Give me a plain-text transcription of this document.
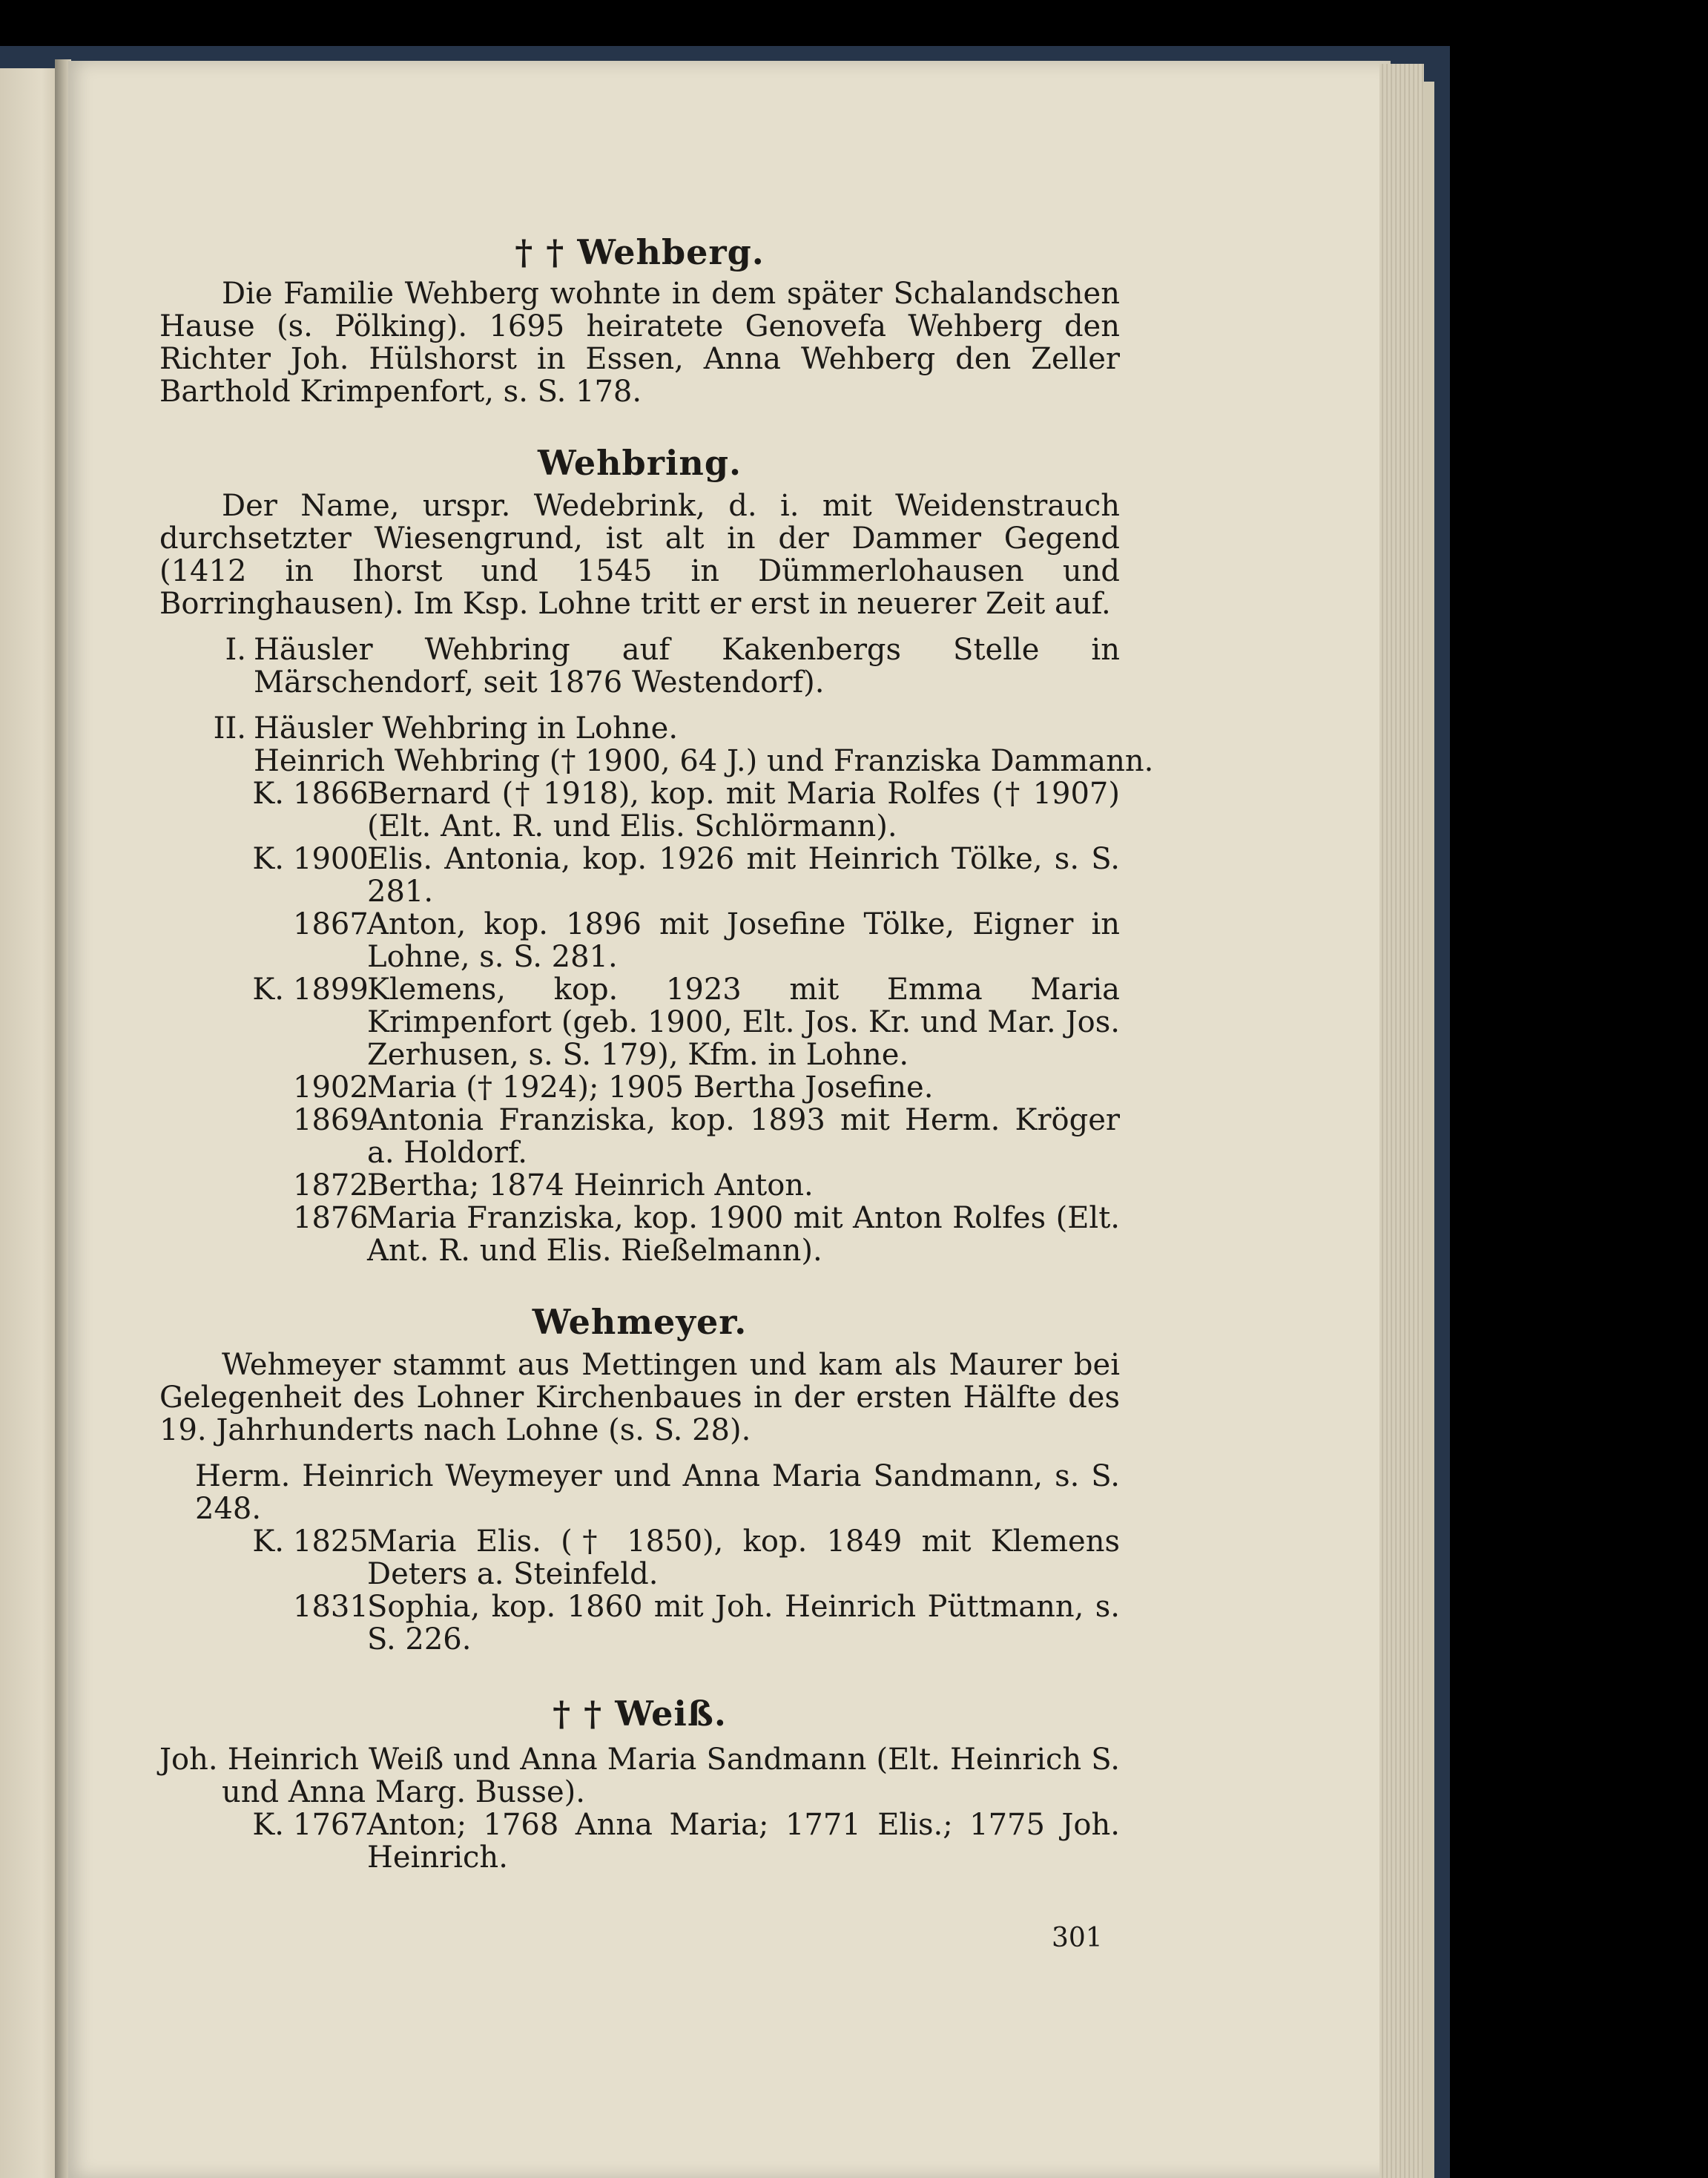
† † Wehberg.

Die Familie Wehberg wohnte in dem später Schalandschen Hause (s. Pölking). 1695 heiratete Genovefa Wehberg den Richter Joh. Hülshorst in Essen, Anna Wehberg den Zeller Barthold Krimpenfort, s. S. 178.

Wehbring.

Der Name, urspr. Wedebrink, d. i. mit Weidenstrauch durchsetzter Wiesengrund, ist alt in der Dammer Gegend (1412 in Ihorst und 1545 in Dümmerlohausen und Borringhausen). Im Ksp. Lohne tritt er erst in neuerer Zeit auf.

I. Häusler Wehbring auf Kakenbergs Stelle in Märschendorf, seit 1876 Westendorf).

II. Häusler Wehbring in Lohne.
Heinrich Wehbring († 1900, 64 J.) und Franziska Dammann.
K. 1866

Bernard († 1918), kop. mit Maria Rolfes († 1907) (Elt. Ant. R. und Elis. Schlörmann).

K. 1900

Elis. Antonia, kop. 1926 mit Heinrich Tölke, s. S. 281.

1867

Anton, kop. 1896 mit Josefine Tölke, Eigner in Lohne, s. S. 281.

K. 1899

Klemens, kop. 1923 mit Emma Maria Krimpenfort (geb. 1900, Elt. Jos. Kr. und Mar. Jos. Zerhusen, s. S. 179), Kfm. in Lohne.

1902

Maria († 1924); 1905 Bertha Josefine.

1869

Antonia Franziska, kop. 1893 mit Herm. Kröger a. Holdorf.

1872

Bertha; 1874 Heinrich Anton.

1876

Maria Franziska, kop. 1900 mit Anton Rolfes (Elt. Ant. R. und Elis. Rießelmann).

Wehmeyer.

Wehmeyer stammt aus Mettingen und kam als Maurer bei Gelegenheit des Lohner Kirchenbaues in der ersten Hälfte des 19. Jahrhunderts nach Lohne (s. S. 28).

Herm. Heinrich Weymeyer und Anna Maria Sandmann, s. S. 248.

K. 1825

Maria Elis. († 1850), kop. 1849 mit Klemens Deters a. Steinfeld.

1831

Sophia, kop. 1860 mit Joh. Heinrich Püttmann, s. S. 226.

† † Weiß.

Joh. Heinrich Weiß und Anna Maria Sandmann (Elt. Heinrich S. und Anna Marg. Busse).

K. 1767

Anton; 1768 Anna Maria; 1771 Elis.; 1775 Joh. Heinrich.

301
